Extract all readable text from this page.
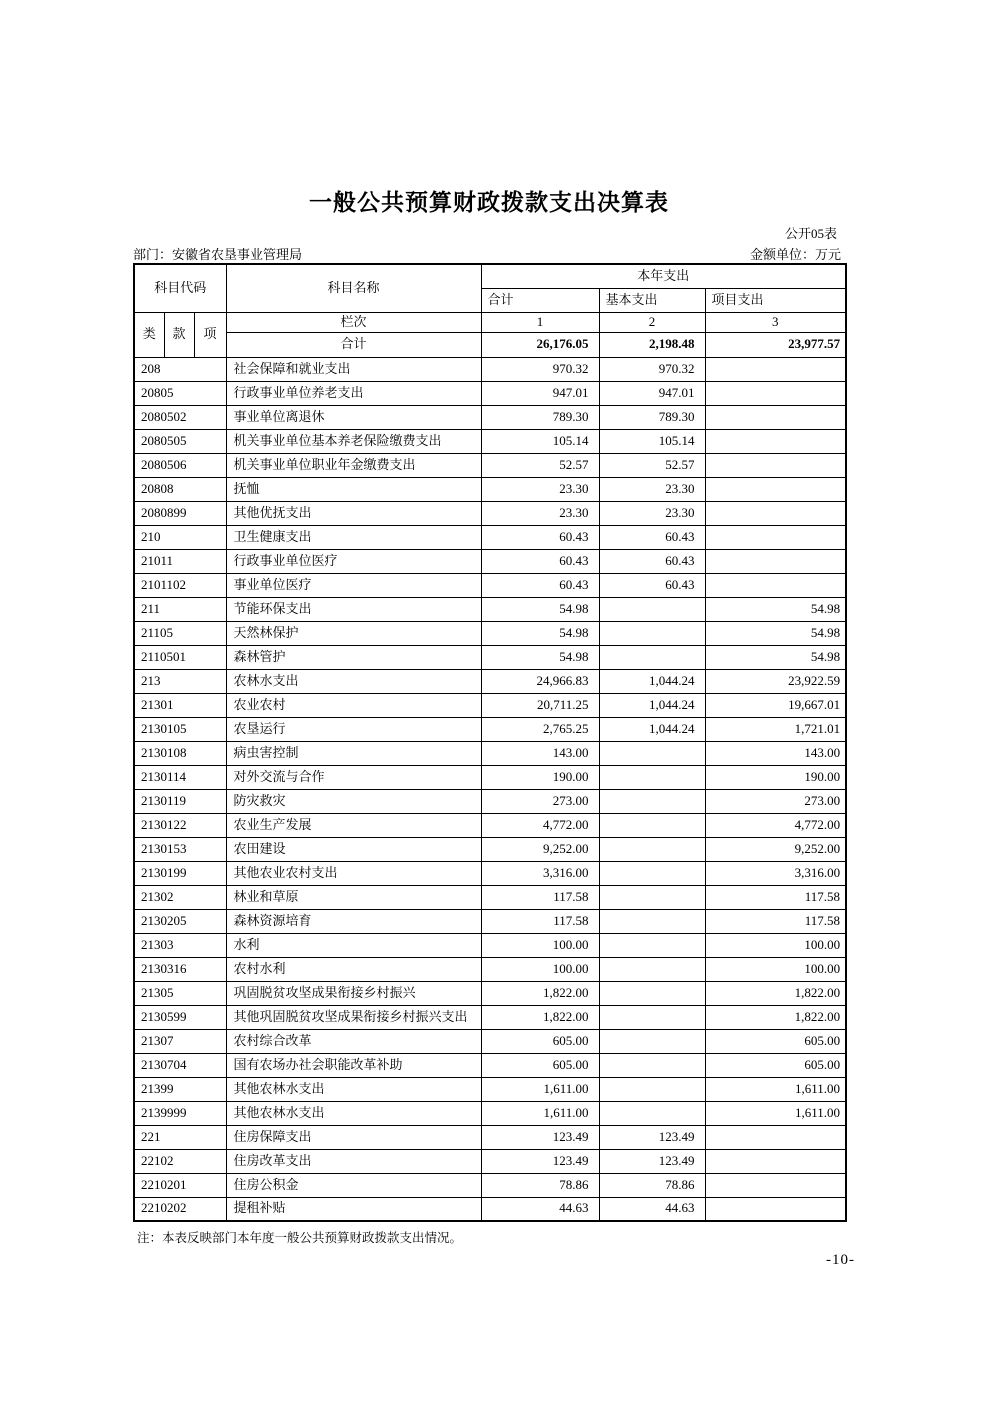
一般公共预算财政拨款支出决算表
公开05表
部门：安徽省农垦事业管理局	金额单位：万元
科目代码			科目名称	本年支出		
				合计	基本支出	项目支出
类	款	项	栏次	1	2	3
			合计	26,176.05	2,198.48	23,977.57
208			社会保障和就业支出	970.32	970.32	
20805			行政事业单位养老支出	947.01	947.01	
2080502			事业单位离退休	789.30	789.30	
2080505			机关事业单位基本养老保险缴费支出	105.14	105.14	
2080506			机关事业单位职业年金缴费支出	52.57	52.57	
20808			抚恤	23.30	23.30	
2080899			其他优抚支出	23.30	23.30	
210			卫生健康支出	60.43	60.43	
21011			行政事业单位医疗	60.43	60.43	
2101102			事业单位医疗	60.43	60.43	
211			节能环保支出	54.98		54.98
21105			天然林保护	54.98		54.98
2110501			森林管护	54.98		54.98
213			农林水支出	24,966.83	1,044.24	23,922.59
21301			农业农村	20,711.25	1,044.24	19,667.01
2130105			农垦运行	2,765.25	1,044.24	1,721.01
2130108			病虫害控制	143.00		143.00
2130114			对外交流与合作	190.00		190.00
2130119			防灾救灾	273.00		273.00
2130122			农业生产发展	4,772.00		4,772.00
2130153			农田建设	9,252.00		9,252.00
2130199			其他农业农村支出	3,316.00		3,316.00
21302			林业和草原	117.58		117.58
2130205			森林资源培育	117.58		117.58
21303			水利	100.00		100.00
2130316			农村水利	100.00		100.00
21305			巩固脱贫攻坚成果衔接乡村振兴	1,822.00		1,822.00
2130599			其他巩固脱贫攻坚成果衔接乡村振兴支出	1,822.00		1,822.00
21307			农村综合改革	605.00		605.00
2130704			国有农场办社会职能改革补助	605.00		605.00
21399			其他农林水支出	1,611.00		1,611.00
2139999			其他农林水支出	1,611.00		1,611.00
221			住房保障支出	123.49	123.49	
22102			住房改革支出	123.49	123.49	
2210201			住房公积金	78.86	78.86	
2210202			提租补贴	44.63	44.63	
注：本表反映部门本年度一般公共预算财政拨款支出情况。
-10-
